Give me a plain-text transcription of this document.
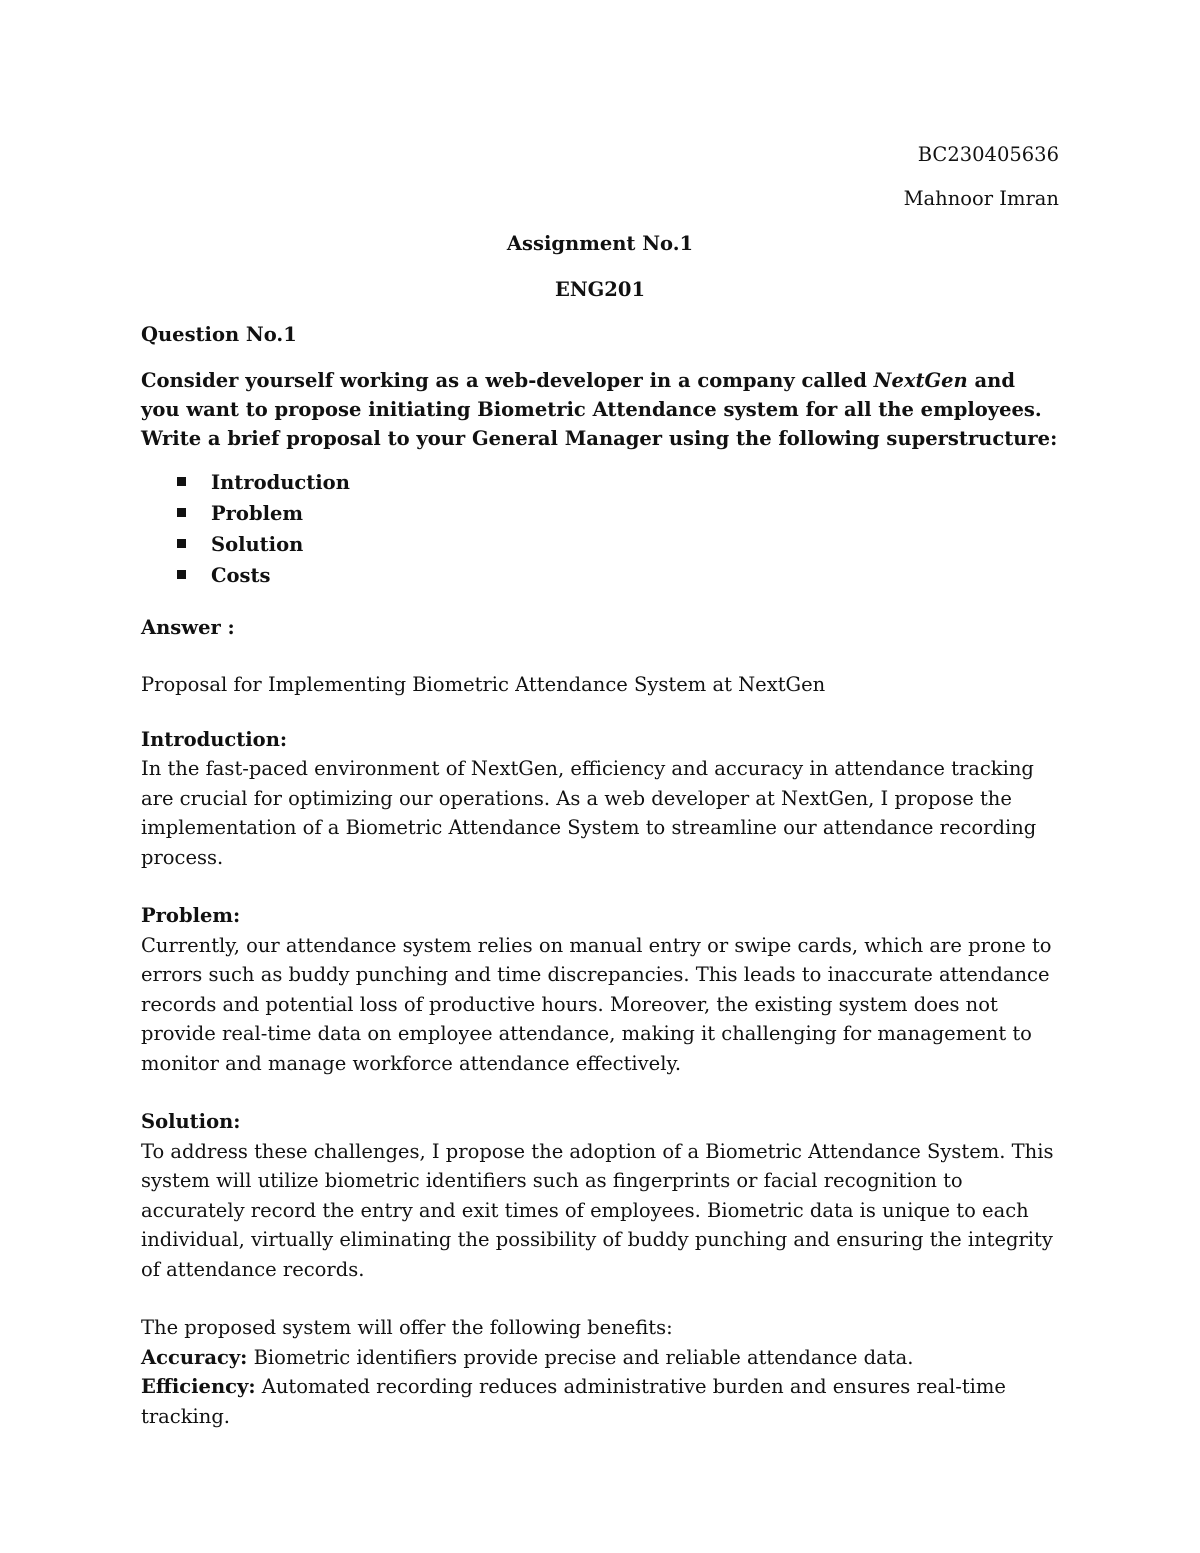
BC230405636

Mahnoor Imran

Assignment No.1

ENG201

Question No.1

Consider yourself working as a web-developer in a company called NextGen and you want to propose initiating Biometric Attendance system for all the employees. Write a brief proposal to your General Manager using the following superstructure:

Introduction
Problem
Solution
Costs

Answer :

Proposal for Implementing Biometric Attendance System at NextGen

Introduction:

In the fast-paced environment of NextGen, efficiency and accuracy in attendance tracking are crucial for optimizing our operations. As a web developer at NextGen, I propose the implementation of a Biometric Attendance System to streamline our attendance recording process.

Problem:

Currently, our attendance system relies on manual entry or swipe cards, which are prone to errors such as buddy punching and time discrepancies. This leads to inaccurate attendance records and potential loss of productive hours. Moreover, the existing system does not provide real-time data on employee attendance, making it challenging for management to monitor and manage workforce attendance effectively.

Solution:

To address these challenges, I propose the adoption of a Biometric Attendance System. This system will utilize biometric identifiers such as fingerprints or facial recognition to accurately record the entry and exit times of employees. Biometric data is unique to each individual, virtually eliminating the possibility of buddy punching and ensuring the integrity of attendance records.

The proposed system will offer the following benefits:

Accuracy: Biometric identifiers provide precise and reliable attendance data.

Efficiency: Automated recording reduces administrative burden and ensures real-time tracking.
